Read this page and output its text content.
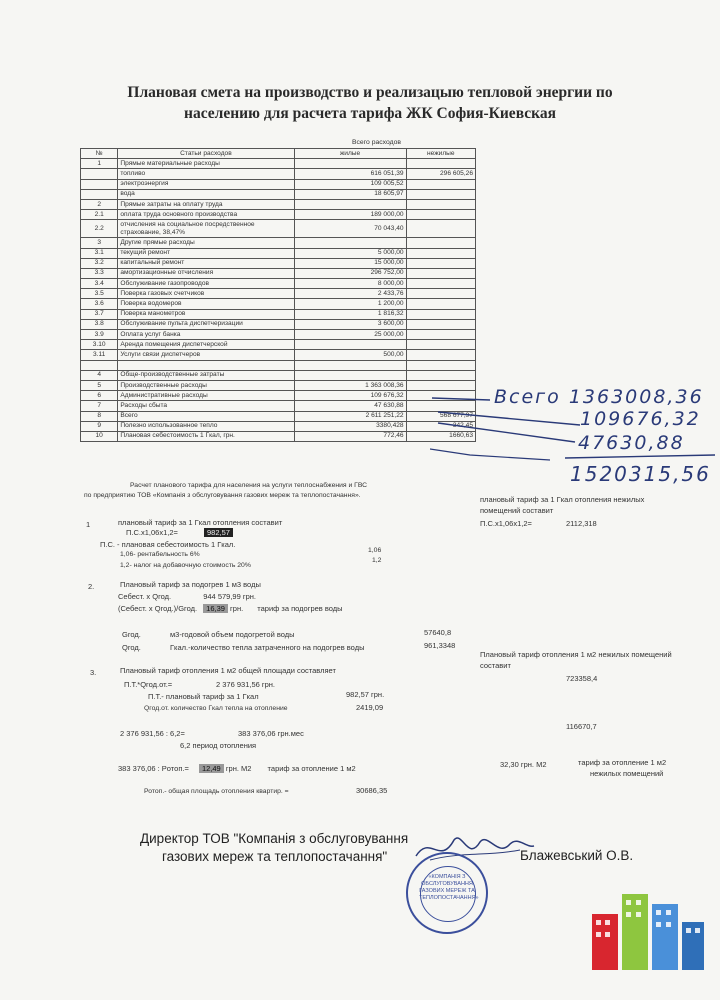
Плановая смета на производство и реализацыю тепловой энергии по
населению для расчета тарифа ЖК София-Киевская
Всего расходов
№	Статьи расходов	жилые	нежилые
1	Прямые материальные расходы		
	топливо	616 051,39	296 605,26
	электроэнергия	109 005,52	
	вода	18 605,97	
2	Прямые затраты на оплату труда		
2.1	оплата труда основного производства	189 000,00	
2.2	отчисления на социальное посредственное страхование, 38,47%	70 043,40	
3	Другие прямые расходы		
3.1	текущий ремонт	5 000,00	
3.2	капитальный ремонт	15 000,00	
3.3	амортизационные отчисления	296 752,00	
3.4	Обслуживание газопроводов	8 000,00	
3.5	Поверка газовых счетчиков	2 433,76	
3.6	Поверка водомеров	1 200,00	
3.7	Поверка манометров	1 816,32	
3.8	Обслуживание пульта диспетчеризации	3 600,00	
3.9	Оплата услуг банка	25 000,00	
3.10	Аренда помещения диспетчерской		
3.11	Услуги связи диспетчеров	500,00	

4	Обще-производственные затраты		
5	Производственные расходы	1 363 008,36	
6	Административные расходы	109 676,32	
7	Расходы сбыта	47 630,88	
8	Всего	2 611 251,22	568 677,97
9	Полезно использованное тепло	3380,428	342,45
10	Плановая себестоимость 1 Гкал, грн.	772,46	1660,63
Всего 1363008,36
109676,32
47630,88
1520315,56
Расчет планового тарифа для населения на услуги теплоснабжения и ГВС
по предприятию ТОВ «Компанія з обслуговування газових мереж та теплопостачання».
1	плановый тариф за 1 Гкал отопления составит
П.С.х1,06х1,2=	982,57
П.С. - плановая себестоимость 1 Гкал.
1,06- рентабельность 6%
1,06
1,2- налог на добавочную стоимость 20%
1,2
плановый тариф за 1 Гкал отопления нежилых
помещений составит
П.С.х1,06х1,2=	2112,318
2.	Плановый тариф за подогрев 1 м3 воды
Себест. х Qгод.	944 579,99 грн.
(Себест. х Qгод.)/Gгод. 16,39 грн. тариф за подогрев воды
Gгод.	м3-годовой объем подогретой воды	57640,8
Qгод.	Гкал.-количество тепла затраченного на подогрев воды	961,3348
Плановый тариф отопления 1 м2 нежилых помещений
составит
723358,4
3.	Плановый тариф отопления 1 м2 общей площади составляет
П.Т.*Qгод.от.=	2 376 931,56 грн.
П.Т.- плановый тариф за 1 Гкал	982,57 грн.
Qгод.от. количество Гкал тепла на отопление	2419,09
2 376 931,56 : 6,2=	383 376,06 грн.мес
6,2 период отопления
116670,7
383 376,06 : Pотоп.= 12,49 грн. М2 тариф за отопление 1 м2	32,30 грн. М2	тариф за отопление 1 м2
нежилых помещений
Ротоп.- общая площадь отопления квартир. =	30686,35
Директор ТОВ "Компанія з обслуговування
газових мереж та теплопостачання"	Блажевський О.В.
«КОМПАНІЯ З ОБСЛУГОВУВАННЯ ГАЗОВИХ МЕРЕЖ ТА ТЕПЛОПОСТАЧАННЯ»
